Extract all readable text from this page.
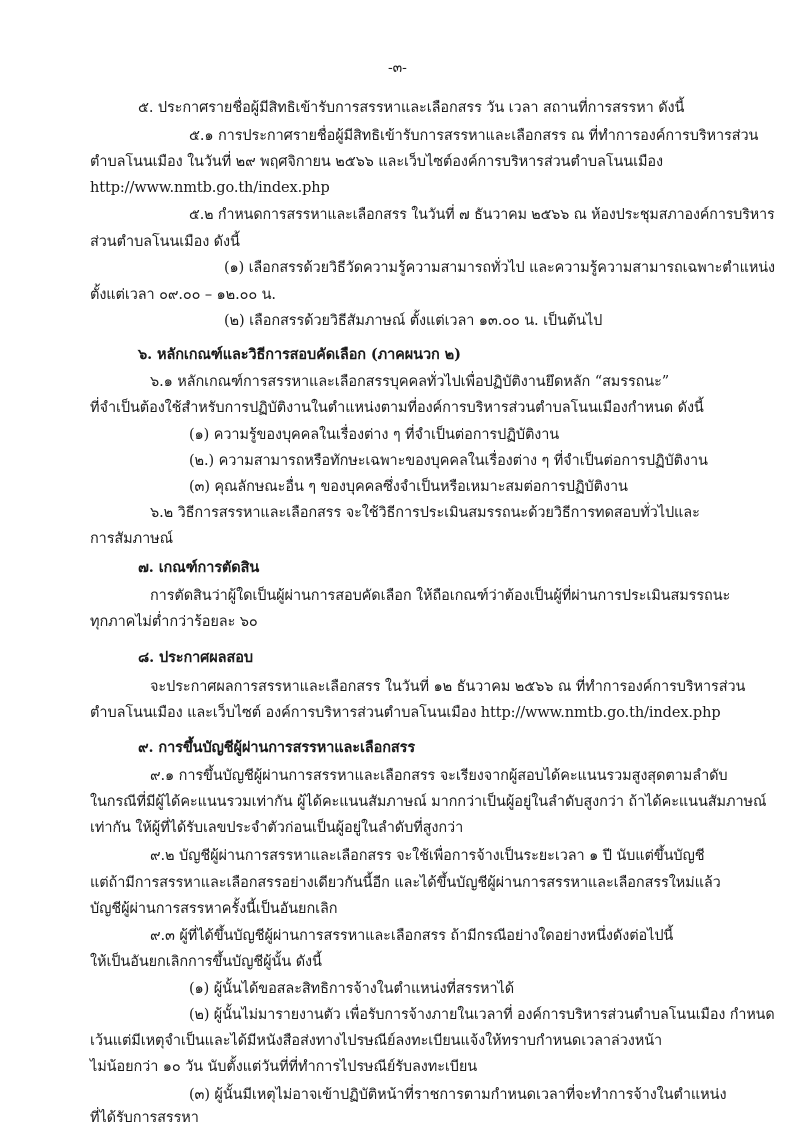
-๓-
๕. ประกาศรายชื่อผู้มีสิทธิเข้ารับการสรรหาและเลือกสรร วัน เวลา สถานที่การสรรหา ดังนี้
๕.๑ การประกาศรายชื่อผู้มีสิทธิเข้ารับการสรรหาและเลือกสรร ณ ที่ทำการองค์การบริหารส่วน
ตำบลโนนเมือง ในวันที่ ๒๙ พฤศจิกายน ๒๕๖๖ และเว็บไซต์องค์การบริหารส่วนตำบลโนนเมือง
http://www.nmtb.go.th/index.php
๕.๒ กำหนดการสรรหาและเลือกสรร ในวันที่ ๗ ธันวาคม ๒๕๖๖ ณ ห้องประชุมสภาองค์การบริหาร
ส่วนตำบลโนนเมือง ดังนี้
(๑) เลือกสรรด้วยวิธีวัดความรู้ความสามารถทั่วไป และความรู้ความสามารถเฉพาะตำแหน่ง
ตั้งแต่เวลา ๐๙.๐๐ – ๑๒.๐๐ น.
(๒) เลือกสรรด้วยวิธีสัมภาษณ์ ตั้งแต่เวลา ๑๓.๐๐ น. เป็นต้นไป
๖. หลักเกณฑ์และวิธีการสอบคัดเลือก (ภาคผนวก ๒)
๖.๑ หลักเกณฑ์การสรรหาและเลือกสรรบุคคลทั่วไปเพื่อปฏิบัติงานยึดหลัก “สมรรถนะ”
ที่จำเป็นต้องใช้สำหรับการปฏิบัติงานในตำแหน่งตามที่องค์การบริหารส่วนตำบลโนนเมืองกำหนด ดังนี้
(๑) ความรู้ของบุคคลในเรื่องต่าง ๆ ที่จำเป็นต่อการปฏิบัติงาน
(๒.) ความสามารถหรือทักษะเฉพาะของบุคคลในเรื่องต่าง ๆ ที่จำเป็นต่อการปฏิบัติงาน
(๓) คุณลักษณะอื่น ๆ ของบุคคลซึ่งจำเป็นหรือเหมาะสมต่อการปฏิบัติงาน
๖.๒ วิธีการสรรหาและเลือกสรร จะใช้วิธีการประเมินสมรรถนะด้วยวิธีการทดสอบทั่วไปและ
การสัมภาษณ์
๗. เกณฑ์การตัดสิน
การตัดสินว่าผู้ใดเป็นผู้ผ่านการสอบคัดเลือก ให้ถือเกณฑ์ว่าต้องเป็นผู้ที่ผ่านการประเมินสมรรถนะ
ทุกภาคไม่ต่ำกว่าร้อยละ ๖๐
๘. ประกาศผลสอบ
จะประกาศผลการสรรหาและเลือกสรร ในวันที่ ๑๒ ธันวาคม ๒๕๖๖ ณ ที่ทำการองค์การบริหารส่วน
ตำบลโนนเมือง และเว็บไซต์ องค์การบริหารส่วนตำบลโนนเมือง http://www.nmtb.go.th/index.php
๙. การขึ้นบัญชีผู้ผ่านการสรรหาและเลือกสรร
๙.๑ การขึ้นบัญชีผู้ผ่านการสรรหาและเลือกสรร จะเรียงจากผู้สอบได้คะแนนรวมสูงสุดตามลำดับ
ในกรณีที่มีผู้ได้คะแนนรวมเท่ากัน ผู้ได้คะแนนสัมภาษณ์ มากกว่าเป็นผู้อยู่ในลำดับสูงกว่า ถ้าได้คะแนนสัมภาษณ์
เท่ากัน ให้ผู้ที่ได้รับเลขประจำตัวก่อนเป็นผู้อยู่ในลำดับที่สูงกว่า
๙.๒ บัญชีผู้ผ่านการสรรหาและเลือกสรร จะใช้เพื่อการจ้างเป็นระยะเวลา ๑ ปี นับแต่ขึ้นบัญชี
แต่ถ้ามีการสรรหาและเลือกสรรอย่างเดียวกันนี้อีก และได้ขึ้นบัญชีผู้ผ่านการสรรหาและเลือกสรรใหม่แล้ว
บัญชีผู้ผ่านการสรรหาครั้งนี้เป็นอันยกเลิก
๙.๓ ผู้ที่ได้ขึ้นบัญชีผู้ผ่านการสรรหาและเลือกสรร ถ้ามีกรณีอย่างใดอย่างหนึ่งดังต่อไปนี้
ให้เป็นอันยกเลิกการขึ้นบัญชีผู้นั้น ดังนี้
(๑) ผู้นั้นได้ขอสละสิทธิการจ้างในตำแหน่งที่สรรหาได้
(๒) ผู้นั้นไม่มารายงานตัว เพื่อรับการจ้างภายในเวลาที่ องค์การบริหารส่วนตำบลโนนเมือง กำหนด
เว้นแต่มีเหตุจำเป็นและได้มีหนังสือส่งทางไปรษณีย์ลงทะเบียนแจ้งให้ทราบกำหนดเวลาล่วงหน้า
ไม่น้อยกว่า ๑๐ วัน นับตั้งแต่วันที่ที่ทำการไปรษณีย์รับลงทะเบียน
(๓) ผู้นั้นมีเหตุไม่อาจเข้าปฏิบัติหน้าที่ราชการตามกำหนดเวลาที่จะทำการจ้างในตำแหน่ง
ที่ได้รับการสรรหา
